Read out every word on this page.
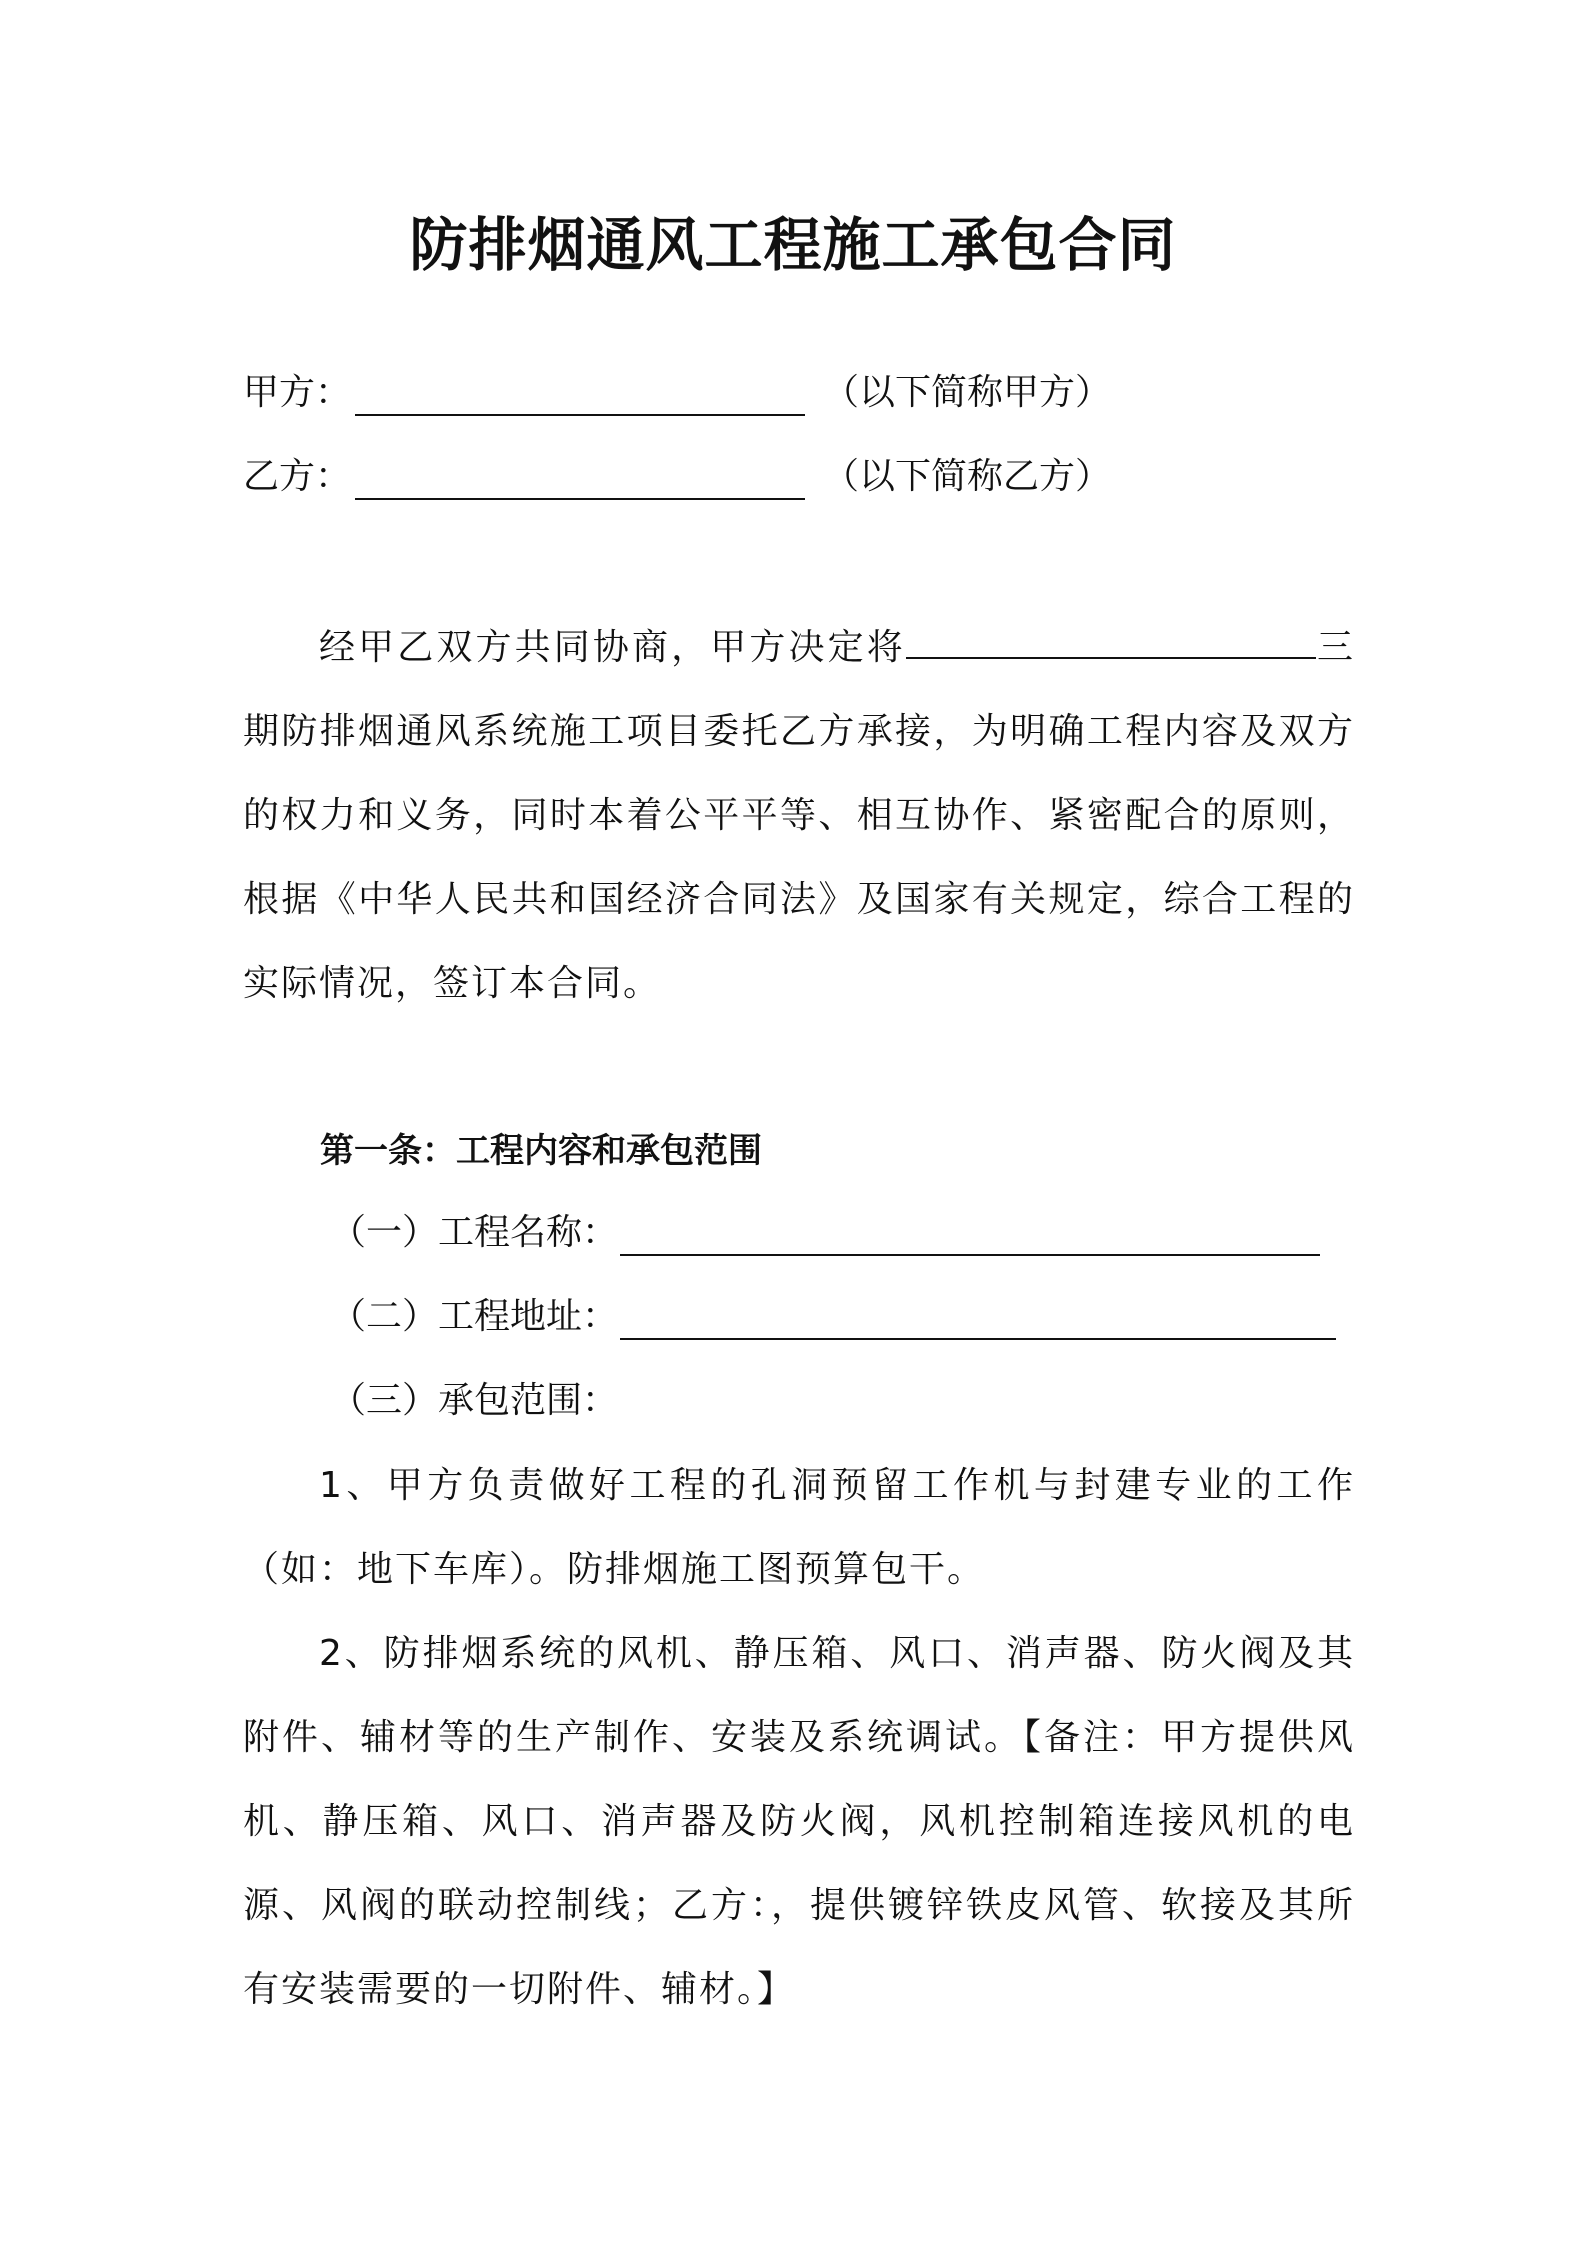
防排烟通风工程施工承包合同
甲方：	（以下简称甲方）
乙方：	（以下简称乙方）
经甲乙双方共同协商，甲方决定将	三期防排烟通风系统施工项目委托乙方承接，为明确工程内容及双方的权力和义务，同时本着公平平等、相互协作、紧密配合的原则，根据《中华人民共和国经济合同法》及国家有关规定，综合工程的实际情况，签订本合同。
第一条：工程内容和承包范围
（一）工程名称：
（二）工程地址：
（三）承包范围：
1、甲方负责做好工程的孔洞预留工作机与封建专业的工作（如：地下车库）。防排烟施工图预算包干。
2、防排烟系统的风机、静压箱、风口、消声器、防火阀及其附件、辅材等的生产制作、安装及系统调试。【备注：甲方提供风机、静压箱、风口、消声器及防火阀，风机控制箱连接风机的电源、风阀的联动控制线；乙方：，提供镀锌铁皮风管、软接及其所有安装需要的一切附件、辅材。】
